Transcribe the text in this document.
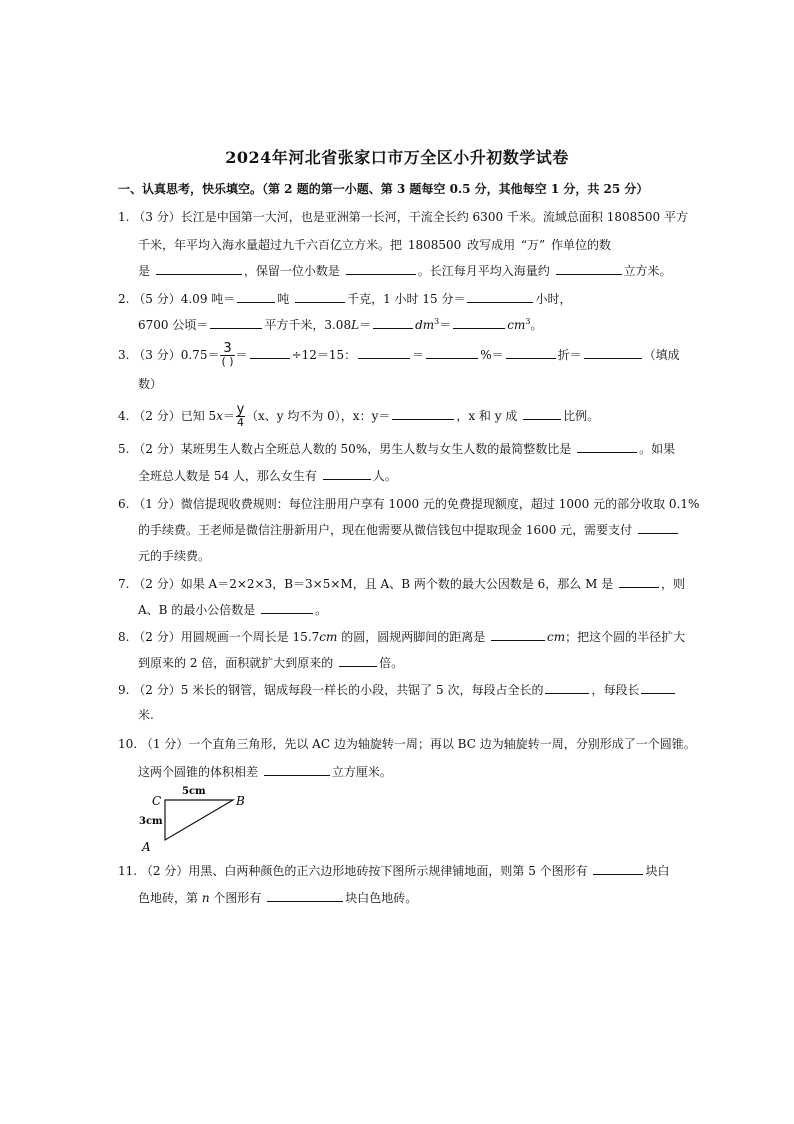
2024年河北省张家口市万全区小升初数学试卷
一、认真思考，快乐填空。（第 2 题的第一小题、第 3 题每空 0.5 分，其他每空 1 分，共 25 分）
1. （3 分）长江是中国第一大河，也是亚洲第一长河，干流全长约 6300 千米。流域总面积 1808500 平方
千米，年平均入海水量超过九千六百亿立方米。把 1808500 改写成用 “万” 作单位的数
是	，保留一位小数是	。长江每月平均入海量约	立方米。
2. （5 分）4.09 吨＝	吨	千克，1 小时 15 分＝	小时，
6700 公顷＝	平方千米，3.08L＝	$dm^3=$	$cm^3$。
3. （3 分）$0.75= \frac{3}{( )}$ ＝	÷12＝15：	＝	%＝	折＝	（填成
数）
4. （2 分）已知 $5x= \frac{y}{4} (x$、y 均不为 0），x：y＝	，x 和 y 成	比例。
5. （2 分）某班男生人数占全班总人数的 50%，男生人数与女生人数的最简整数比是	。如果
全班总人数是 54 人，那么女生有	人。
6. （1 分）微信提现收费规则：每位注册用户享有 1000 元的免费提现额度，超过 1000 元的部分收取 0.1%
的手续费。王老师是微信注册新用户，现在他需要从微信钱包中提取现金 1600 元，需要支付
元的手续费。
7. （2 分）如果 A＝2×2×3，B＝3×5×M，且 A、B 两个数的最大公因数是 6，那么 M 是	，则
A、B 的最小公倍数是	。
8. （2 分）用圆规画一个周长是 15.7cm 的圆，圆规两脚间的距离是	cm；把这个圆的半径扩大
到原来的 2 倍，面积就扩大到原来的	倍。
9. （2 分）5 米长的钢管，锯成每段一样长的小段，共锯了 5 次，每段占全长的	，每段长
米.
10. （1 分）一个直角三角形，先以 AC 边为轴旋转一周；再以 BC 边为轴旋转一周，分别形成了一个圆锥。
这两个圆锥的体积相差	立方厘米。
C	B
A
5cm
3cm
11. （2 分）用黑、白两种颜色的正六边形地砖按下图所示规律铺地面，则第 5 个图形有	块白
色地砖，第 n 个图形有	块白色地砖。
